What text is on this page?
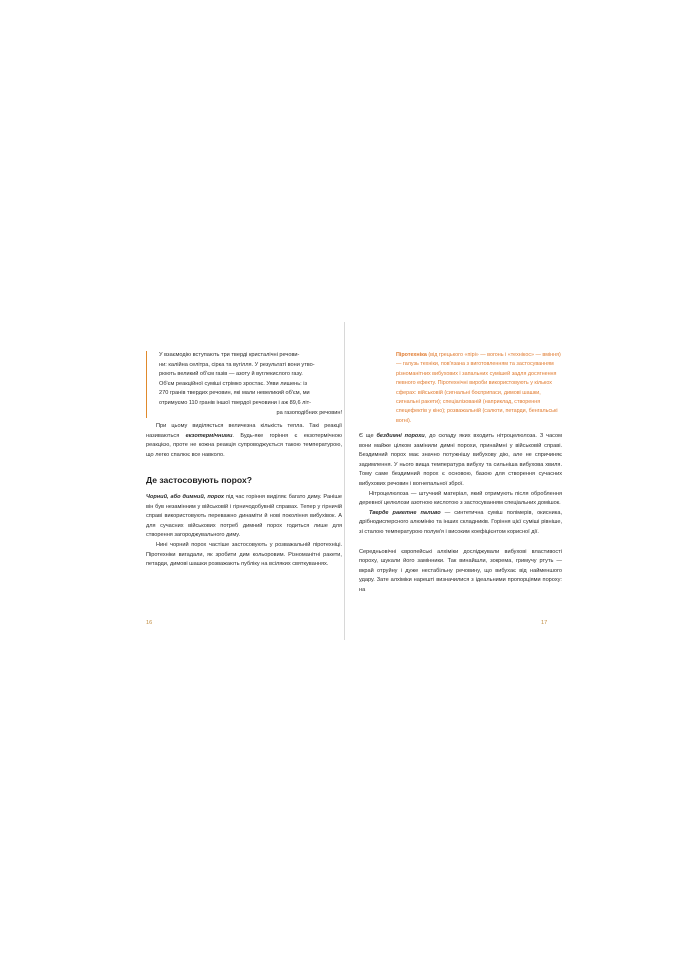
У взаємодію вступають три тверді кристалічні речови-

ни: калійна селітра, сірка та вугілля. У результаті вони утво-

рюють великий об'єм газів — азоту й вуглекислого газу.

Об'єм реакційної суміші стрімко зростає. Уяви лишень: із

270 гранів твердих речовин, які мали невеликий об'єм, ми

отримуємо 110 гранів іншої твердої речовини і аж 89,6 літ-

ра газоподібних речовин!

При цьому виділяється величезна кількість тепла. Такі реакції називаються екзотермічними. Будь-яке горіння є екзотермічною реакцією, проте не кожна реакція супроводжується такою температурою, що легко спалює все навколо.

Де застосовують порох?

Чорний, або димний, порох під час горіння виділяє багато диму. Раніше він був незамінним у військовій і гірничодобувній справах. Тепер у гірничій справі використовують переважно динаміти й нові покоління вибухівок. А для сучасних військових потреб димний порох годиться лише для створення загороджувального диму.

Нині чорний порох частіше застосовують у розважальній піротехніці. Піротехніки вигадали, як зробити дим кольоровим. Різноманітні ракети, петарди, димові шашки розважають публіку на всіляких святкуваннях.

16
Піротехніка (від грецького «пірі» — вогонь і «технікос» — вміння) — галузь техніки, пов'язана з виготовленням та застосуванням різноманітних вибухових і запальних сумішей задля досягнення певного ефекту. Піротехнічні вироби використовують у кількох сферах: військовій (сигнальні боєприпаси, димові шашки, сигнальні ракети); спеціалізованій (наприклад, створення спецефектів у кіно); розважальній (салюти, петарди, бенгальські вогні).

Є ще бездимні порохи, до складу яких входить нітроцелюлоза. З часом вони майже цілком замінили димні порохи, принаймні у військовій справі. Бездимний порох має значно потужнішу вибухову дію, але не спричиняє задимлення. У нього вища температура вибуху та сильніша вибухова хвиля. Тому саме бездимний порох є основою, базою для створення сучасних вибухових речовин і вогнепальної зброї.

Нітроцелюлоза — штучний матеріал, який отримують після оброблення деревної целюлози азотною кислотою з застосуванням спеціальних домішок.

Тверде ракетне паливо — синтетична суміш полімерів, окисника, дрібнодисперсного алюмінію та інших складників. Горіння цієї суміші рівніше, зі сталою температурою полум'я і високим коефіцієнтом корисної дії.

Середньовічні європейські алхіміки досліджували вибухові властивості пороху, шукали його замінники. Так винайшли, зокрема, гримучу ртуть — вкрай отруйну і дуже нестабільну речовину, що вибухає від найменшого удару. Зате алхіміки нарешті визначилися з ідеальними пропорціями пороху: на

17
